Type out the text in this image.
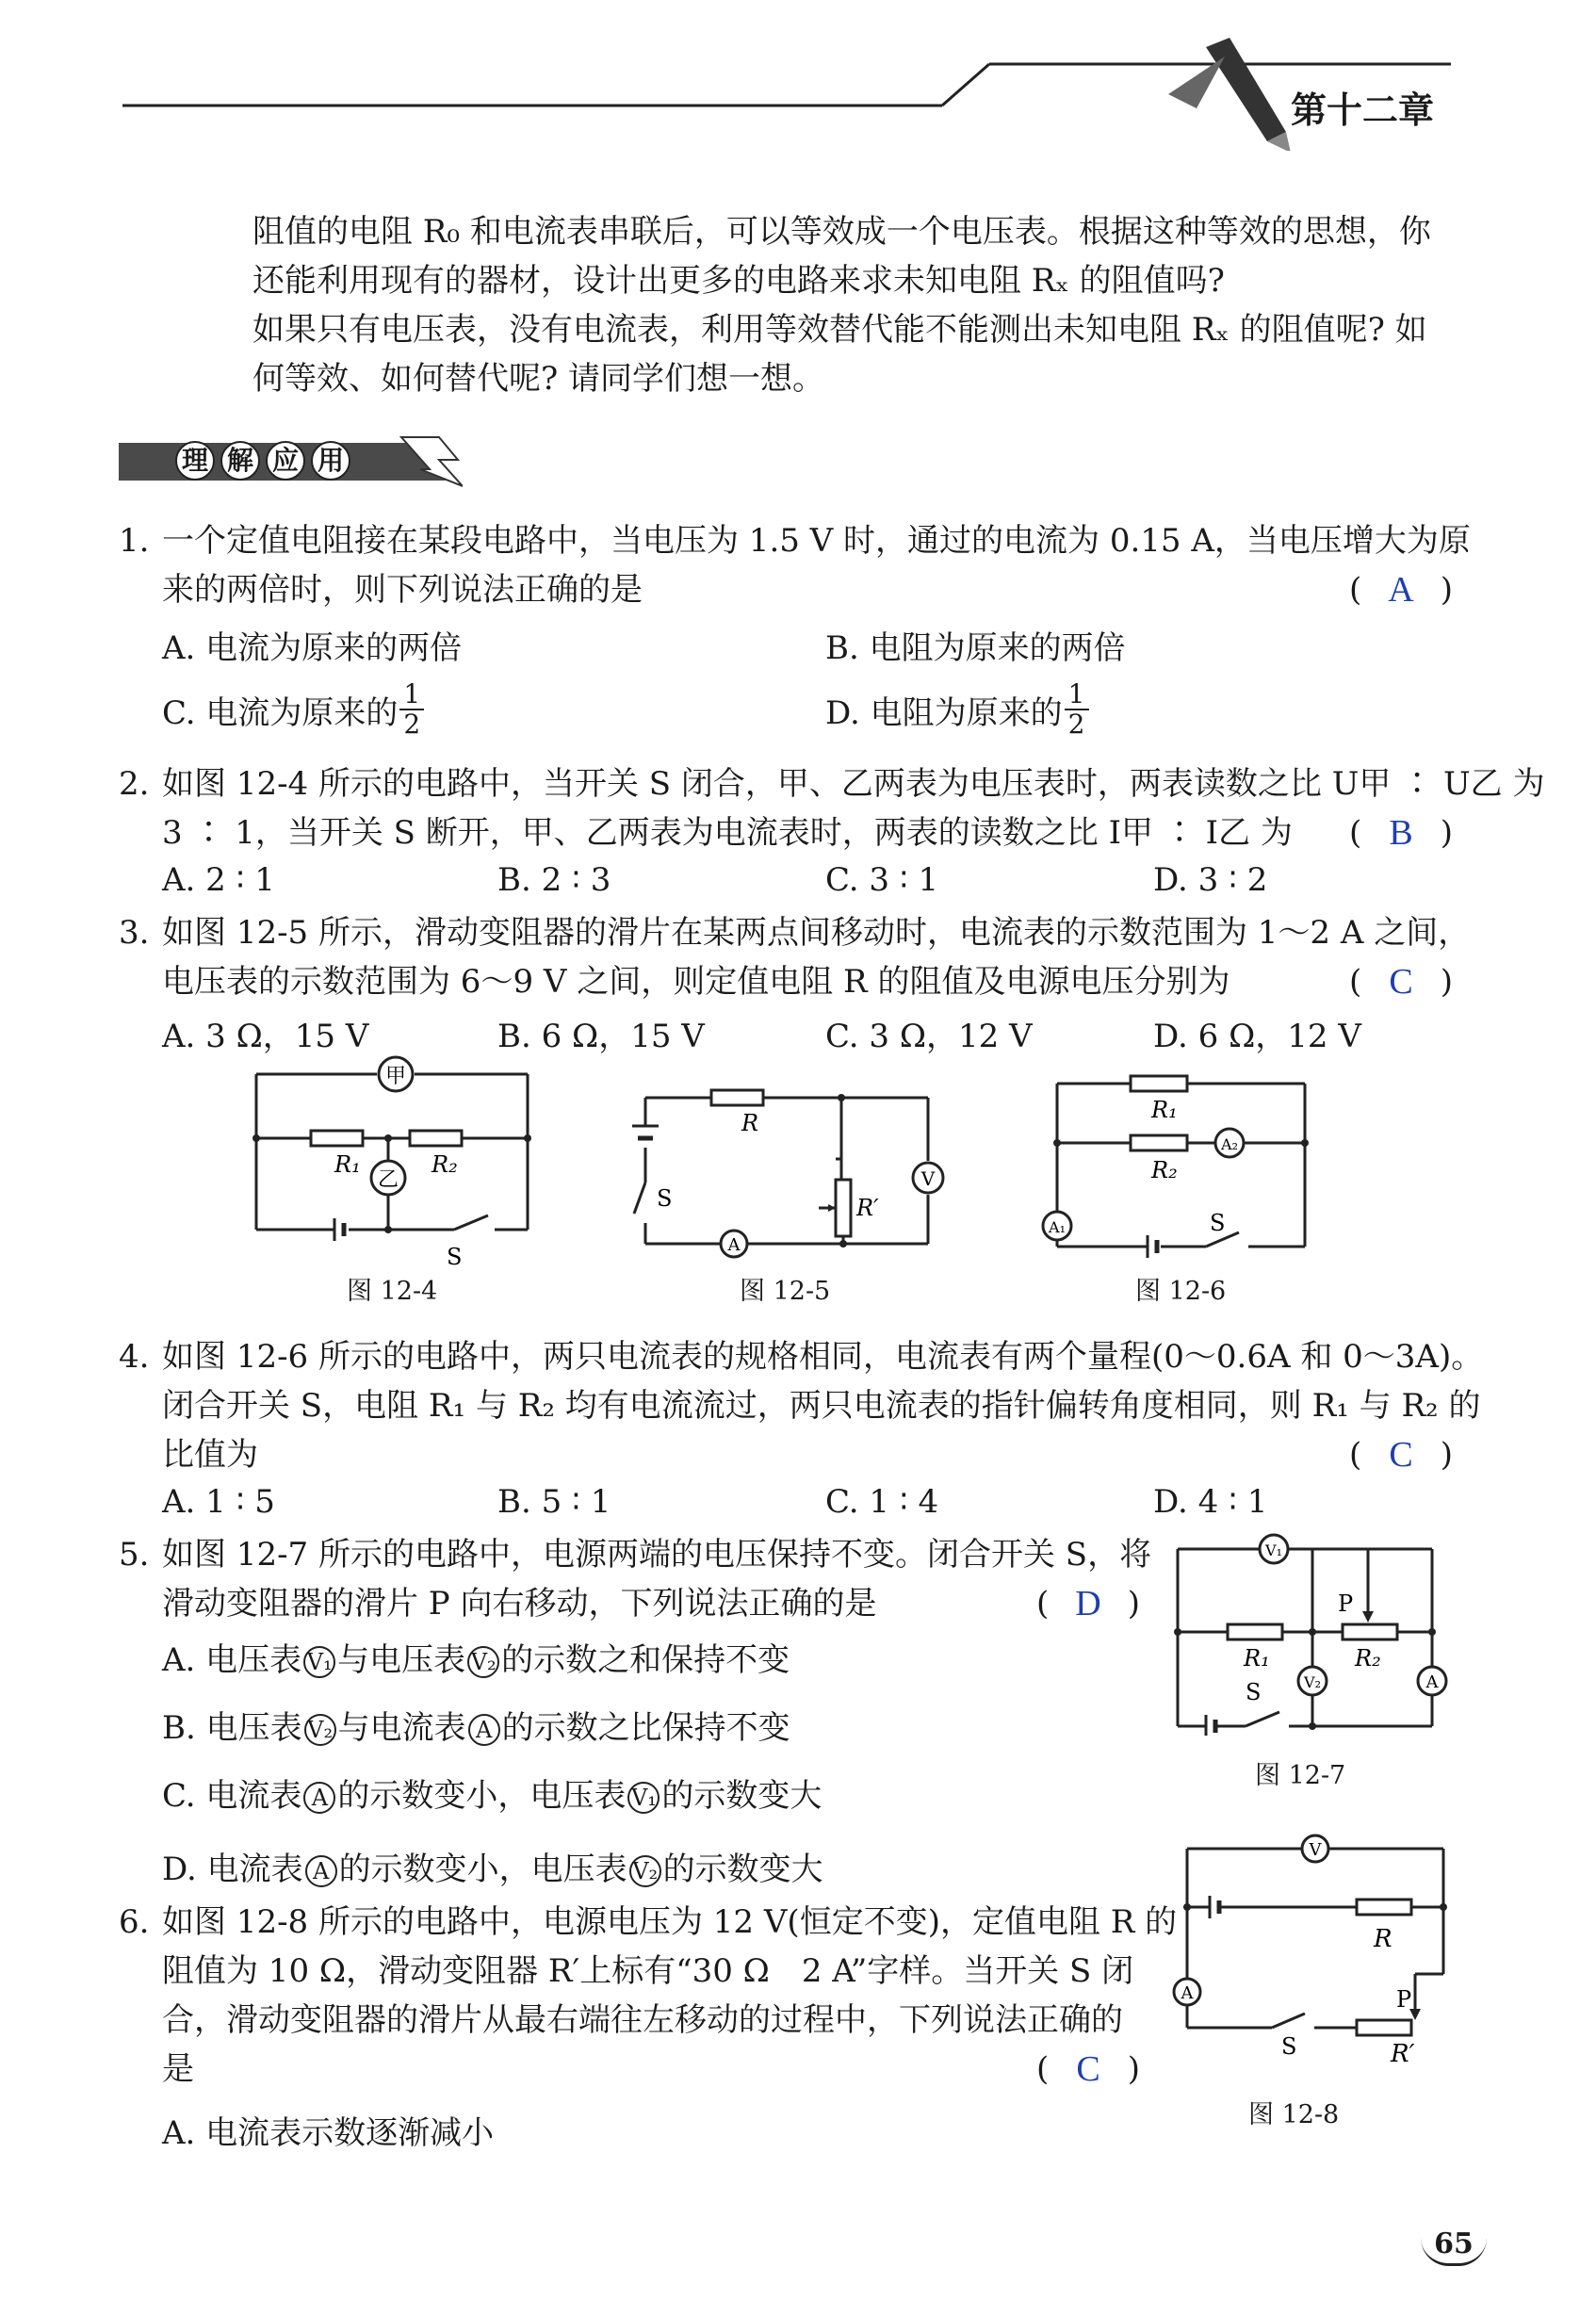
第十二章
阻值的电阻 R₀ 和电流表串联后，可以等效成一个电压表。根据这种等效的思想，你
还能利用现有的器材，设计出更多的电路来求未知电阻 Rₓ 的阻值吗?
如果只有电压表，没有电流表，利用等效替代能不能测出未知电阻 Rₓ 的阻值呢? 如
何等效、如何替代呢? 请同学们想一想。
理 解 应 用
1. 一个定值电阻接在某段电路中，当电压为 1.5 V 时，通过的电流为 0.15 A，当电压增大为原
来的两倍时，则下列说法正确的是	( A )
A. 电流为原来的两倍	B. 电阻为原来的两倍
C. 电流为原来的 $\frac{1}{2}$	D. 电阻为原来的 $\frac{1}{2}$
2. 如图 12-4 所示的电路中，当开关 S 闭合，甲、乙两表为电压表时，两表读数之比 U甲 ∶ U乙 为
3 ∶ 1，当开关 S 断开，甲、乙两表为电流表时，两表的读数之比 I甲 ∶ I乙 为 ( B )
A. 2 ∶ 1	B. 2 ∶ 3	C. 3 ∶ 1	D. 3 ∶ 2
3. 如图 12-5 所示，滑动变阻器的滑片在某两点间移动时，电流表的示数范围为 1～2 A 之间，
电压表的示数范围为 6～9 V 之间，则定值电阻 R 的阻值及电源电压分别为	( C )
A. 3 Ω，15 V	B. 6 Ω，15 V	C. 3 Ω，12 V	D. 6 Ω，12 V
甲
乙
R₁	R₂
S
图 12-4
R
R′
S
V
A
图 12-5
R₁
R₂
A₂
A₁	S
图 12-6
4. 如图 12-6 所示的电路中，两只电流表的规格相同，电流表有两个量程(0～0.6A 和 0～3A)。
闭合开关 S，电阻 R₁ 与 R₂ 均有电流流过，两只电流表的指针偏转角度相同，则 R₁ 与 R₂ 的
比值为	( C )
A. 1 ∶ 5	B. 5 ∶ 1	C. 1 ∶ 4	D. 4 ∶ 1
5. 如图 12-7 所示的电路中，电源两端的电压保持不变。闭合开关 S，将
滑动变阻器的滑片 P 向右移动，下列说法正确的是	( D )
A. 电压表 V₁ 与电压表 V₂ 的示数之和保持不变
B. 电压表 V₂ 与电流表 A 的示数之比保持不变
C. 电流表 A 的示数变小，电压表 V₁ 的示数变大
D. 电流表 A 的示数变小，电压表 V₂ 的示数变大
V₁
V₂	A
R₁	R₂
P
S
图 12-7
6. 如图 12-8 所示的电路中，电源电压为 12 V(恒定不变)，定值电阻 R 的
阻值为 10 Ω，滑动变阻器 R′上标有“30 Ω　2 A”字样。当开关 S 闭
合，滑动变阻器的滑片从最右端往左移动的过程中，下列说法正确的
是	( C )
A. 电流表示数逐渐减小
V
A
R
R′
P
S
图 12-8
65
